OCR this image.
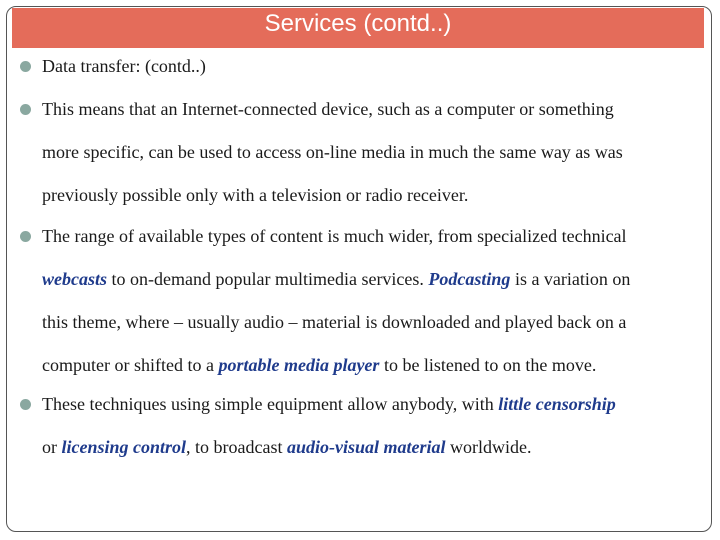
Services (contd..)
Data transfer: (contd..)
This means that an Internet-connected device, such as a computer or something
more specific, can be used to access on-line media in much the same way as was
previously possible only with a television or radio receiver.
The range of available types of content is much wider, from specialized technical
webcasts to on-demand popular multimedia services. Podcasting is a variation on
this theme, where – usually audio – material is downloaded and played back on a
computer or shifted to a portable media player to be listened to on the move.
These techniques using simple equipment allow anybody, with little censorship
or licensing control, to broadcast audio-visual material worldwide.
